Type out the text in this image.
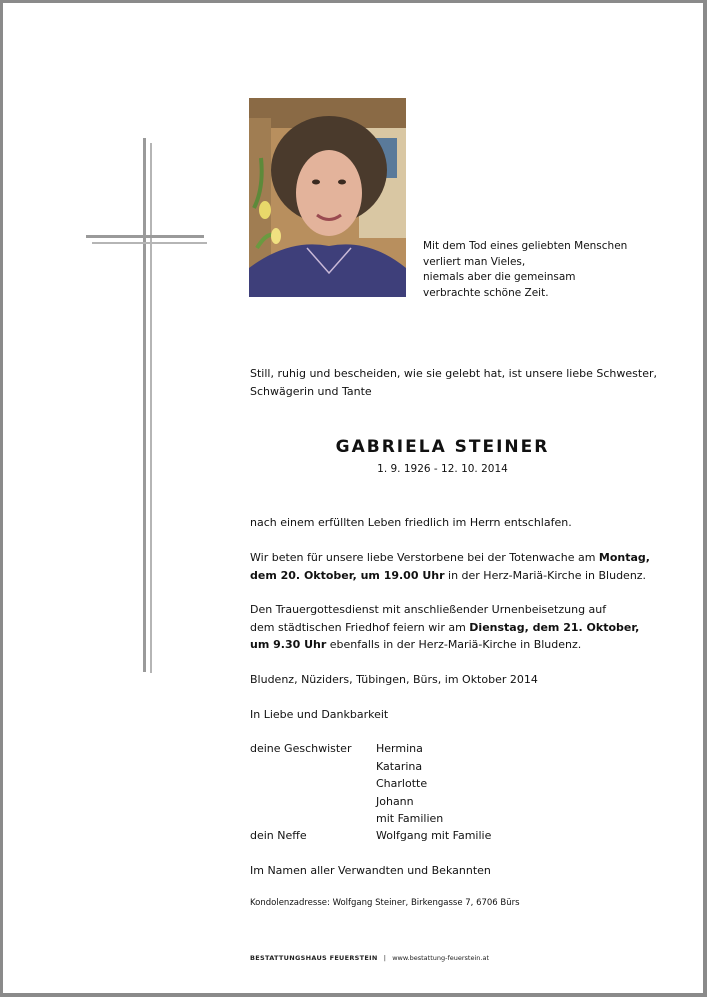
Mit dem Tod eines geliebten Menschen
verliert man Vieles,
niemals aber die gemeinsam
verbrachte schöne Zeit.
Still, ruhig und bescheiden, wie sie gelebt hat, ist unsere liebe Schwester,
Schwägerin und Tante
GABRIELA STEINER
1. 9. 1926 - 12. 10. 2014
nach einem erfüllten Leben friedlich im Herrn entschlafen.
Wir beten für unsere liebe Verstorbene bei der Totenwache am Montag,
dem 20. Oktober, um 19.00 Uhr in der Herz-Mariä-Kirche in Bludenz.
Den Trauergottesdienst mit anschließender Urnenbeisetzung auf
dem städtischen Friedhof feiern wir am Dienstag, dem 21. Oktober,
um 9.30 Uhr ebenfalls in der Herz-Mariä-Kirche in Bludenz.
Bludenz, Nüziders, Tübingen, Bürs, im Oktober 2014
In Liebe und Dankbarkeit
deine Geschwister Hermina
Katarina
Charlotte
Johann
mit Familien
dein Neffe	Wolfgang mit Familie
Im Namen aller Verwandten und Bekannten
Kondolenzadresse: Wolfgang Steiner, Birkengasse 7, 6706 Bürs
BESTATTUNGSHAUS FEUERSTEIN | www.bestattung-feuerstein.at
